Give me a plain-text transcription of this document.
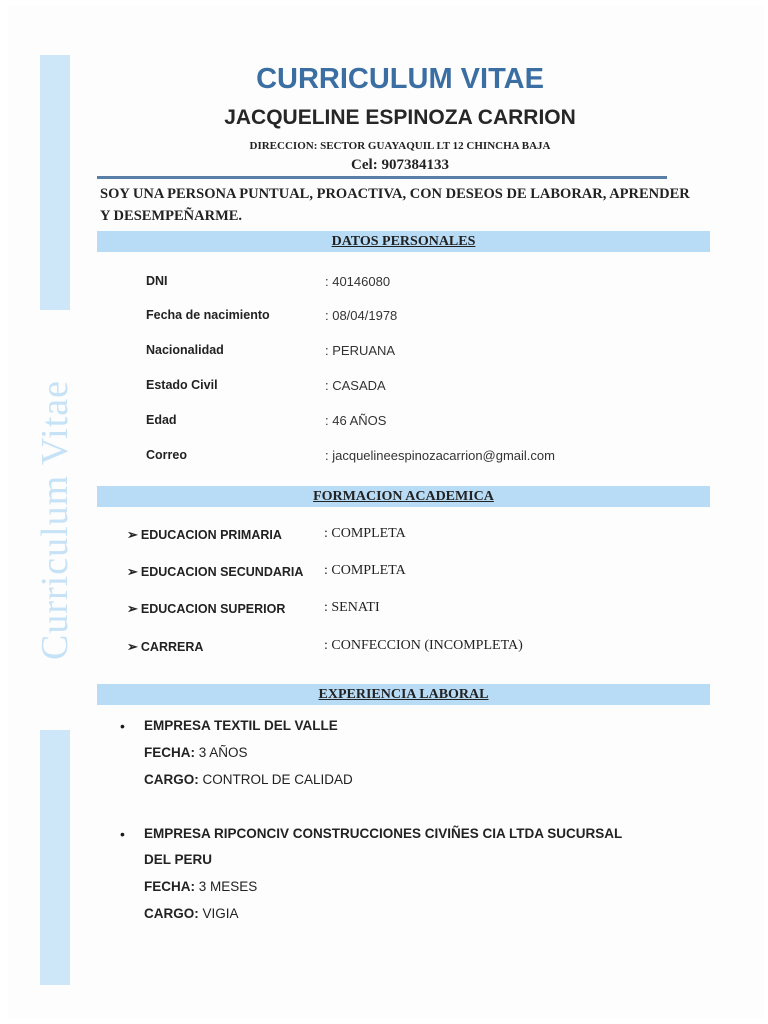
Curriculum Vitae
CURRICULUM VITAE
JACQUELINE ESPINOZA CARRION
DIRECCION: SECTOR GUAYAQUIL LT 12 CHINCHA BAJA
Cel: 907384133
SOY UNA PERSONA PUNTUAL, PROACTIVA, CON DESEOS DE LABORAR, APRENDER Y DESEMPEÑARME.
DATOS PERSONALES
DNI	: 40146080
Fecha de nacimiento	: 08/04/1978
Nacionalidad	: PERUANA
Estado Civil	: CASADA
Edad	: 46 AÑOS
Correo	: jacquelineespinozacarrion@gmail.com
FORMACION ACADEMICA
➢ EDUCACION PRIMARIA	: COMPLETA
➢ EDUCACION SECUNDARIA : COMPLETA
➢ EDUCACION SUPERIOR	: SENATI
➢ CARRERA	: CONFECCION (INCOMPLETA)
EXPERIENCIA LABORAL
• EMPRESA TEXTIL DEL VALLE
FECHA: 3 AÑOS
CARGO: CONTROL DE CALIDAD
• EMPRESA RIPCONCIV CONSTRUCCIONES CIVIÑES CIA LTDA SUCURSAL
DEL PERU
FECHA: 3 MESES
CARGO: VIGIA
